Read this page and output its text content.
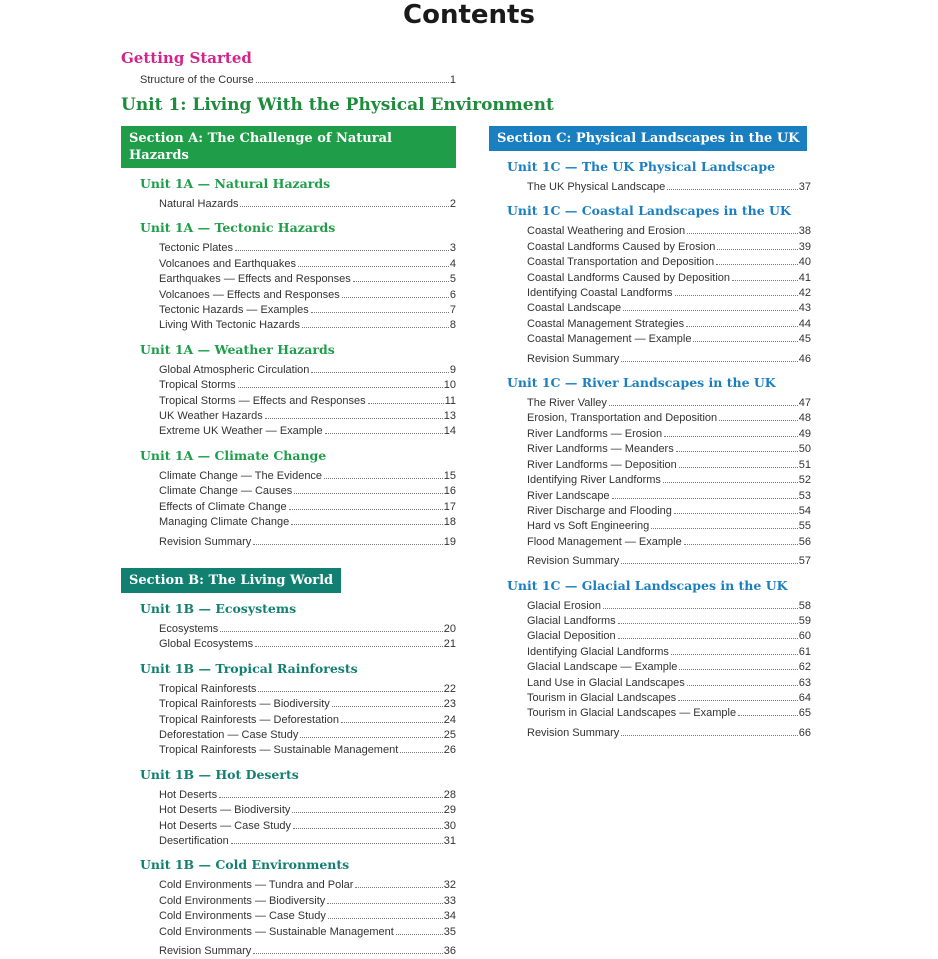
Contents
Getting Started
Structure of the Course	1
Unit 1: Living With the Physical Environment
Section A: The Challenge of Natural Hazards
Unit 1A — Natural Hazards
Natural Hazards	2
Unit 1A — Tectonic Hazards
Tectonic Plates	3
Volcanoes and Earthquakes	4
Earthquakes — Effects and Responses	5
Volcanoes — Effects and Responses	6
Tectonic Hazards — Examples	7
Living With Tectonic Hazards	8
Unit 1A — Weather Hazards
Global Atmospheric Circulation	9
Tropical Storms	10
Tropical Storms — Effects and Responses	11
UK Weather Hazards	13
Extreme UK Weather — Example	14
Unit 1A — Climate Change
Climate Change — The Evidence	15
Climate Change — Causes	16
Effects of Climate Change	17
Managing Climate Change	18
Revision Summary	19
Section B: The Living World
Unit 1B — Ecosystems
Ecosystems	20
Global Ecosystems	21
Unit 1B — Tropical Rainforests
Tropical Rainforests	22
Tropical Rainforests — Biodiversity	23
Tropical Rainforests — Deforestation	24
Deforestation — Case Study	25
Tropical Rainforests — Sustainable Management	26
Unit 1B — Hot Deserts
Hot Deserts	28
Hot Deserts — Biodiversity	29
Hot Deserts — Case Study	30
Desertification	31
Unit 1B — Cold Environments
Cold Environments — Tundra and Polar	32
Cold Environments — Biodiversity	33
Cold Environments — Case Study	34
Cold Environments — Sustainable Management	35
Revision Summary	36
Section C: Physical Landscapes in the UK
Unit 1C — The UK Physical Landscape
The UK Physical Landscape	37
Unit 1C — Coastal Landscapes in the UK
Coastal Weathering and Erosion	38
Coastal Landforms Caused by Erosion	39
Coastal Transportation and Deposition	40
Coastal Landforms Caused by Deposition	41
Identifying Coastal Landforms	42
Coastal Landscape	43
Coastal Management Strategies	44
Coastal Management — Example	45
Revision Summary	46
Unit 1C — River Landscapes in the UK
The River Valley	47
Erosion, Transportation and Deposition	48
River Landforms — Erosion	49
River Landforms — Meanders	50
River Landforms — Deposition	51
Identifying River Landforms	52
River Landscape	53
River Discharge and Flooding	54
Hard vs Soft Engineering	55
Flood Management — Example	56
Revision Summary	57
Unit 1C — Glacial Landscapes in the UK
Glacial Erosion	58
Glacial Landforms	59
Glacial Deposition	60
Identifying Glacial Landforms	61
Glacial Landscape — Example	62
Land Use in Glacial Landscapes	63
Tourism in Glacial Landscapes	64
Tourism in Glacial Landscapes — Example	65
Revision Summary	66
